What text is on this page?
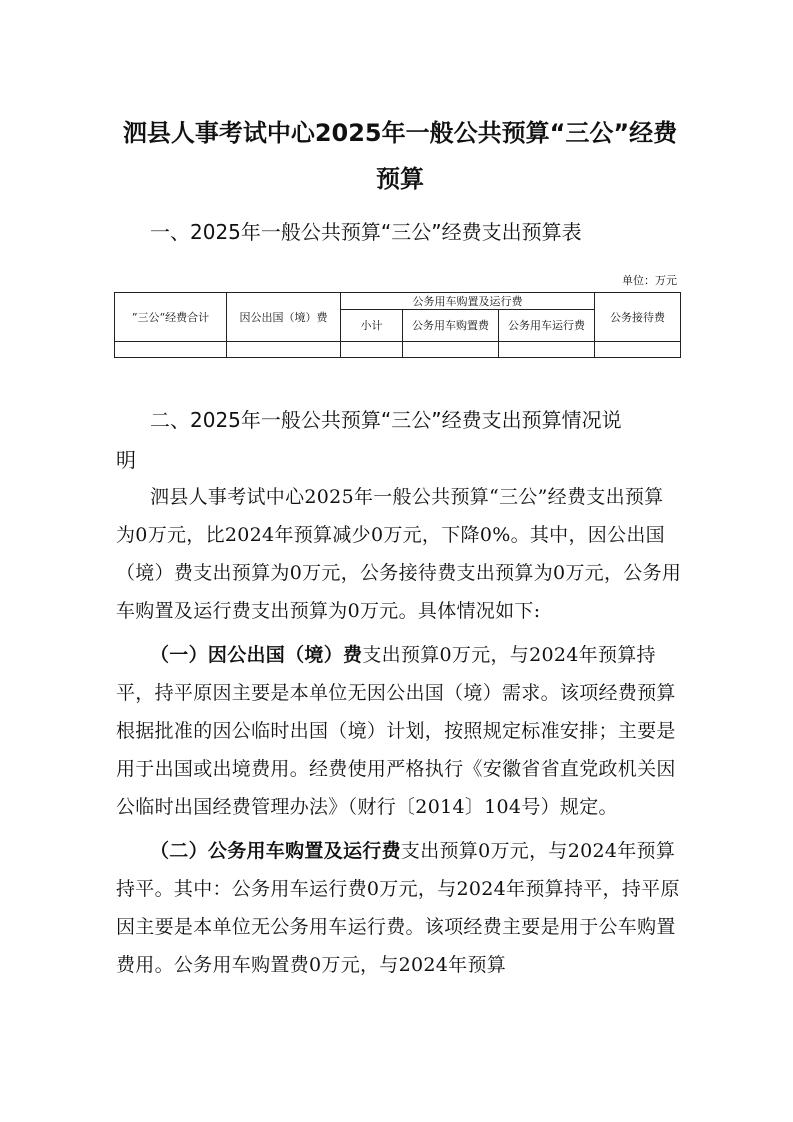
泗县人事考试中心2025年一般公共预算“三公”经费
预算
一、2025年一般公共预算“三公”经费支出预算表
单位：万元
”三公“经费合计	因公出国（境）费	公务用车购置及运行费			公务接待费
		小计	公务用车购置费	公务用车运行费	

二、2025年一般公共预算“三公”经费支出预算情况说
明

泗县人事考试中心2025年一般公共预算“三公”经费支出预算为0万元，比2024年预算减少0万元，下降0%。其中，因公出国（境）费支出预算为0万元，公务接待费支出预算为0万元，公务用车购置及运行费支出预算为0万元。具体情况如下:

（一）因公出国（境）费支出预算0万元，与2024年预算持平，持平原因主要是本单位无因公出国（境）需求。该项经费预算根据批准的因公临时出国（境）计划，按照规定标准安排；主要是用于出国或出境费用。经费使用严格执行《安徽省省直党政机关因公临时出国经费管理办法》（财行〔2014〕104号）规定。

（二）公务用车购置及运行费支出预算0万元，与2024年预算持平。其中：公务用车运行费0万元，与2024年预算持平，持平原因主要是本单位无公务用车运行费。该项经费主要是用于公车购置费用。公务用车购置费0万元，与2024年预算
